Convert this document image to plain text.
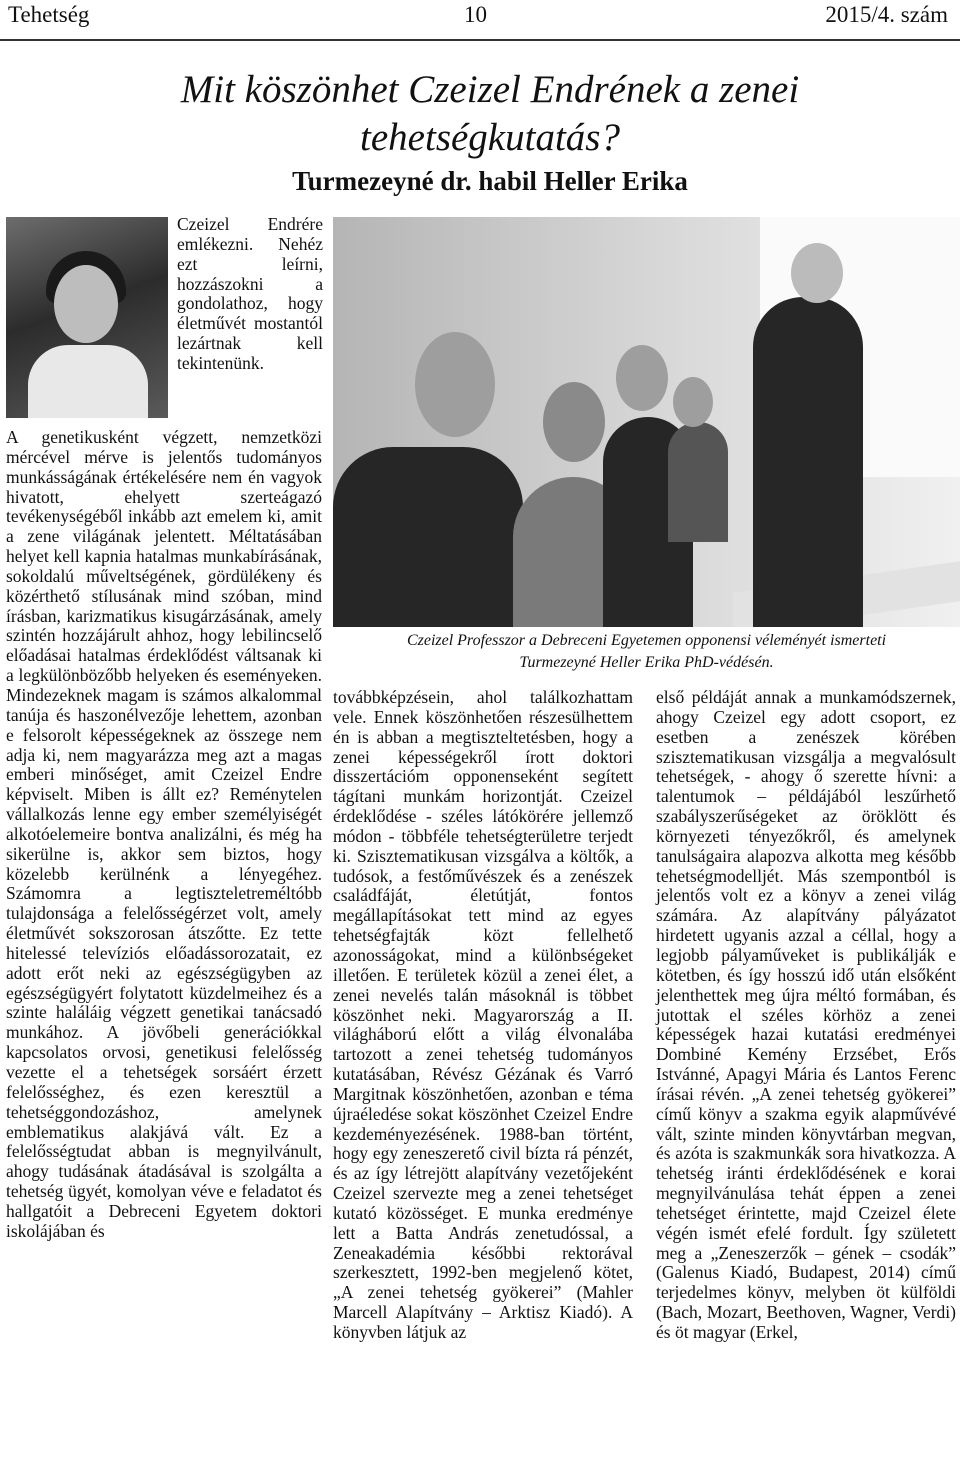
Tehetség	10	2015/4. szám
Mit köszönhet Czeizel Endrének a zenei
tehetségkutatás?
Turmezeyné dr. habil Heller Erika
Czeizel Professzor a Debreceni Egyetemen opponensi véleményét ismerteti
Turmezeyné Heller Erika PhD-védésén.

Czeizel Endrére emlékezni. Nehéz ezt leírni, hozzászokni a gondolathoz, hogy életművét mostantól lezártnak kell tekintenünk.

A genetikusként végzett, nemzetközi mércével mérve is jelentős tudományos munkásságának értékelésére nem én vagyok hivatott, ehelyett szerteágazó tevékenységéből inkább azt emelem ki, amit a zene világának jelentett. Méltatásában helyet kell kapnia hatalmas munkabírásának, sokoldalú műveltségének, gördülékeny és közérthető stílusának mind szóban, mind írásban, karizmatikus kisugárzásának, amely szintén hozzájárult ahhoz, hogy lebilincselő előadásai hatalmas érdeklődést váltsanak ki a legkülönbözőbb helyeken és eseményeken. Mindezeknek magam is számos alkalommal tanúja és haszonélvezője lehettem, azonban e felsorolt képességeknek az összege nem adja ki, nem magyarázza meg azt a magas emberi minőséget, amit Czeizel Endre képviselt. Miben is állt ez? Reménytelen vállalkozás lenne egy ember személyiségét alkotóelemeire bontva analizálni, és még ha sikerülne is, akkor sem biztos, hogy közelebb kerülnénk a lényegéhez. Számomra a legtiszteletreméltóbb tulajdonsága a felelősségérzet volt, amely életművét sokszorosan átszőtte. Ez tette hitelessé televíziós előadássorozatait, ez adott erőt neki az egészségügyben az egészségügyért folytatott küzdelmeihez és a szinte haláláig végzett genetikai tanácsadó munkához. A jövőbeli generációkkal kapcsolatos orvosi, genetikusi felelősség vezette el a tehetségek sorsáért érzett felelősséghez, és ezen keresztül a tehetséggondozáshoz, amelynek emblematikus alakjává vált. Ez a felelősségtudat abban is megnyilvánult, ahogy tudásának átadásával is szolgálta a tehetség ügyét, komolyan véve e feladatot és hallgatóit a Debreceni Egyetem doktori iskolájában és

továbbképzésein, ahol találkozhattam vele. Ennek köszönhetően részesülhettem én is abban a megtiszteltetésben, hogy a zenei képességekről írott doktori disszertációm opponenseként segített tágítani munkám horizontját. Czeizel érdeklődése - széles látókörére jellemző módon - többféle tehetségterületre terjedt ki. Szisztematikusan vizsgálva a költők, a tudósok, a festőművészek és a zenészek családfáját, életútját, fontos megállapításokat tett mind az egyes tehetségfajták közt fellelhető azonosságokat, mind a különbségeket illetően. E területek közül a zenei élet, a zenei nevelés talán másoknál is többet köszönhet neki. Magyarország a II. világháború előtt a világ élvonalába tartozott a zenei tehetség tudományos kutatásában, Révész Gézának és Varró Margitnak köszönhetően, azonban e téma újraéledése sokat köszönhet Czeizel Endre kezdeményezésének. 1988-ban történt, hogy egy zeneszerető civil bízta rá pénzét, és az így létrejött alapítvány vezetőjeként Czeizel szervezte meg a zenei tehetséget kutató közösséget. E munka eredménye lett a Batta András zenetudóssal, a Zeneakadémia későbbi rektorával szerkesztett, 1992-ben megjelenő kötet, „A zenei tehetség gyökerei” (Mahler Marcell Alapítvány – Arktisz Kiadó). A könyvben látjuk az

első példáját annak a munkamódszernek, ahogy Czeizel egy adott csoport, ez esetben a zenészek körében szisztematikusan vizsgálja a megvalósult tehetségek, - ahogy ő szerette hívni: a talentumok – példájából leszűrhető szabályszerűségeket az öröklött és környezeti tényezőkről, és amelynek tanulságaira alapozva alkotta meg később tehetségmodelljét. Más szempontból is jelentős volt ez a könyv a zenei világ számára. Az alapítvány pályázatot hirdetett ugyanis azzal a céllal, hogy a legjobb pályaműveket is publikálják e kötetben, és így hosszú idő után elsőként jelenthettek meg újra méltó formában, és jutottak el széles körhöz a zenei képességek hazai kutatási eredményei Dombiné Kemény Erzsébet, Erős Istvánné, Apagyi Mária és Lantos Ferenc írásai révén. „A zenei tehetség gyökerei” című könyv a szakma egyik alapművévé vált, szinte minden könyvtárban megvan, és azóta is szakmunkák sora hivatkozza. A tehetség iránti érdeklődésének e korai megnyilvánulása tehát éppen a zenei tehetséget érintette, majd Czeizel élete végén ismét efelé fordult. Így született meg a „Zeneszerzők – gének – csodák” (Galenus Kiadó, Budapest, 2014) című terjedelmes könyv, melyben öt külföldi (Bach, Mozart, Beethoven, Wagner, Verdi) és öt magyar (Erkel,
